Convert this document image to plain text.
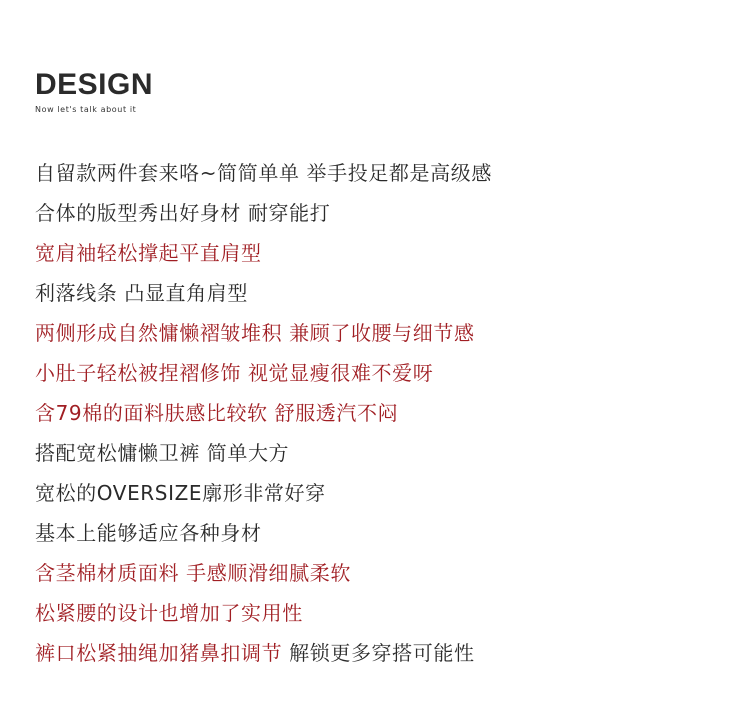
DESIGN
Now let's talk about it
自留款两件套来咯~简简单单 举手投足都是高级感
合体的版型秀出好身材 耐穿能打
宽肩袖轻松撑起平直肩型
利落线条 凸显直角肩型
两侧形成自然慵懒褶皱堆积 兼顾了收腰与细节感
小肚子轻松被捏褶修饰 视觉显瘦很难不爱呀
含79棉的面料肤感比较软 舒服透汽不闷
搭配宽松慵懒卫裤 简单大方
宽松的OVERSIZE廓形非常好穿
基本上能够适应各种身材
含茎棉材质面料 手感顺滑细腻柔软
松紧腰的设计也增加了实用性
裤口松紧抽绳加猪鼻扣调节 解锁更多穿搭可能性
